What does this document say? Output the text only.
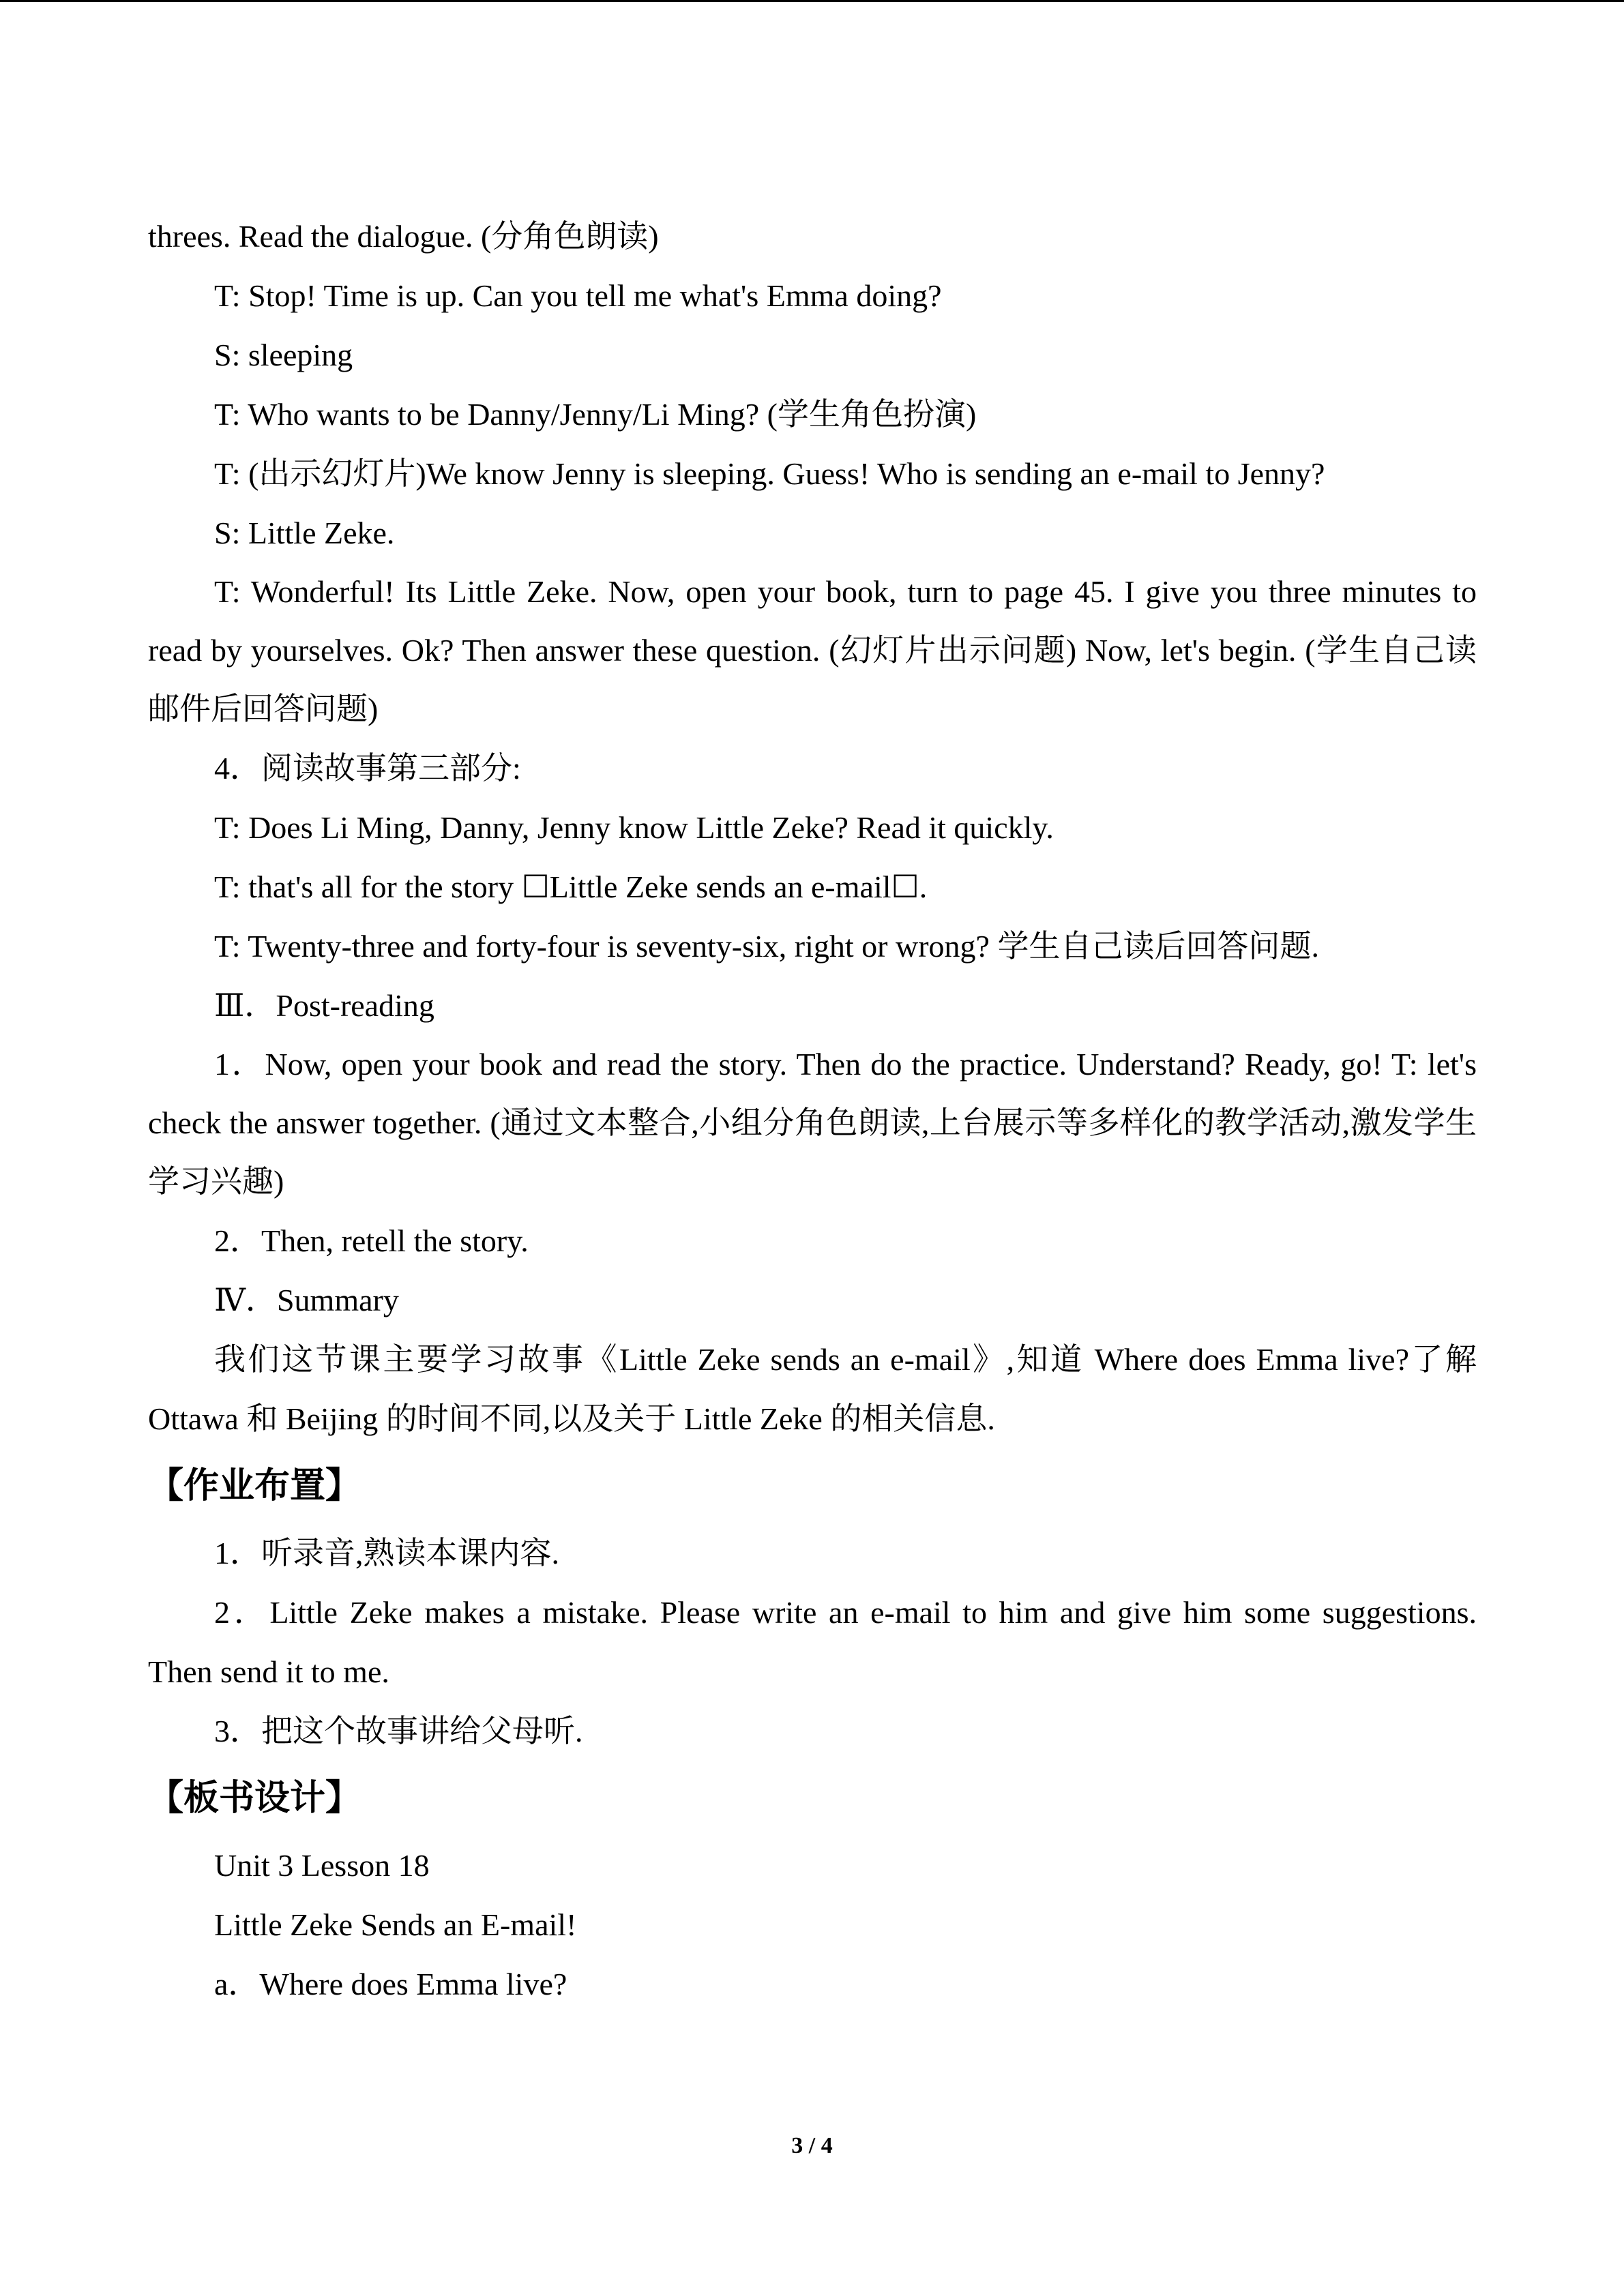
threes. Read the dialogue. (分角色朗读)

T: Stop! Time is up. Can you tell me what's Emma doing?

S: sleeping

T: Who wants to be Danny/Jenny/Li Ming? (学生角色扮演)

T: (出示幻灯片)We know Jenny is sleeping. Guess! Who is sending an e-mail to Jenny?

S: Little Zeke.

T: Wonderful! Its Little Zeke. Now, open your book, turn to page 45. I give you three minutes to read by yourselves. Ok? Then answer these question. (幻灯片出示问题) Now, let's begin. (学生自己读邮件后回答问题)

4．阅读故事第三部分:

T: Does Li Ming, Danny, Jenny know Little Zeke? Read it quickly.

T: that's all for the story ☐Little Zeke sends an e-mail☐.

T: Twenty-three and forty-four is seventy-six, right or wrong? 学生自己读后回答问题.

Ⅲ．Post-reading

1．Now, open your book and read the story. Then do the practice. Understand? Ready, go! T: let's check the answer together. (通过文本整合,小组分角色朗读,上台展示等多样化的教学活动,激发学生学习兴趣)

2．Then, retell the story.

Ⅳ．Summary

我们这节课主要学习故事《Little Zeke sends an e-mail》,知道 Where does Emma live?了解 Ottawa 和 Beijing 的时间不同,以及关于 Little Zeke 的相关信息.

【作业布置】

1．听录音,熟读本课内容.

2．Little Zeke makes a mistake. Please write an e-mail to him and give him some suggestions. Then send it to me.

3．把这个故事讲给父母听.

【板书设计】

Unit 3 Lesson 18

Little Zeke Sends an E-mail!

a．Where does Emma live?

3 / 4
